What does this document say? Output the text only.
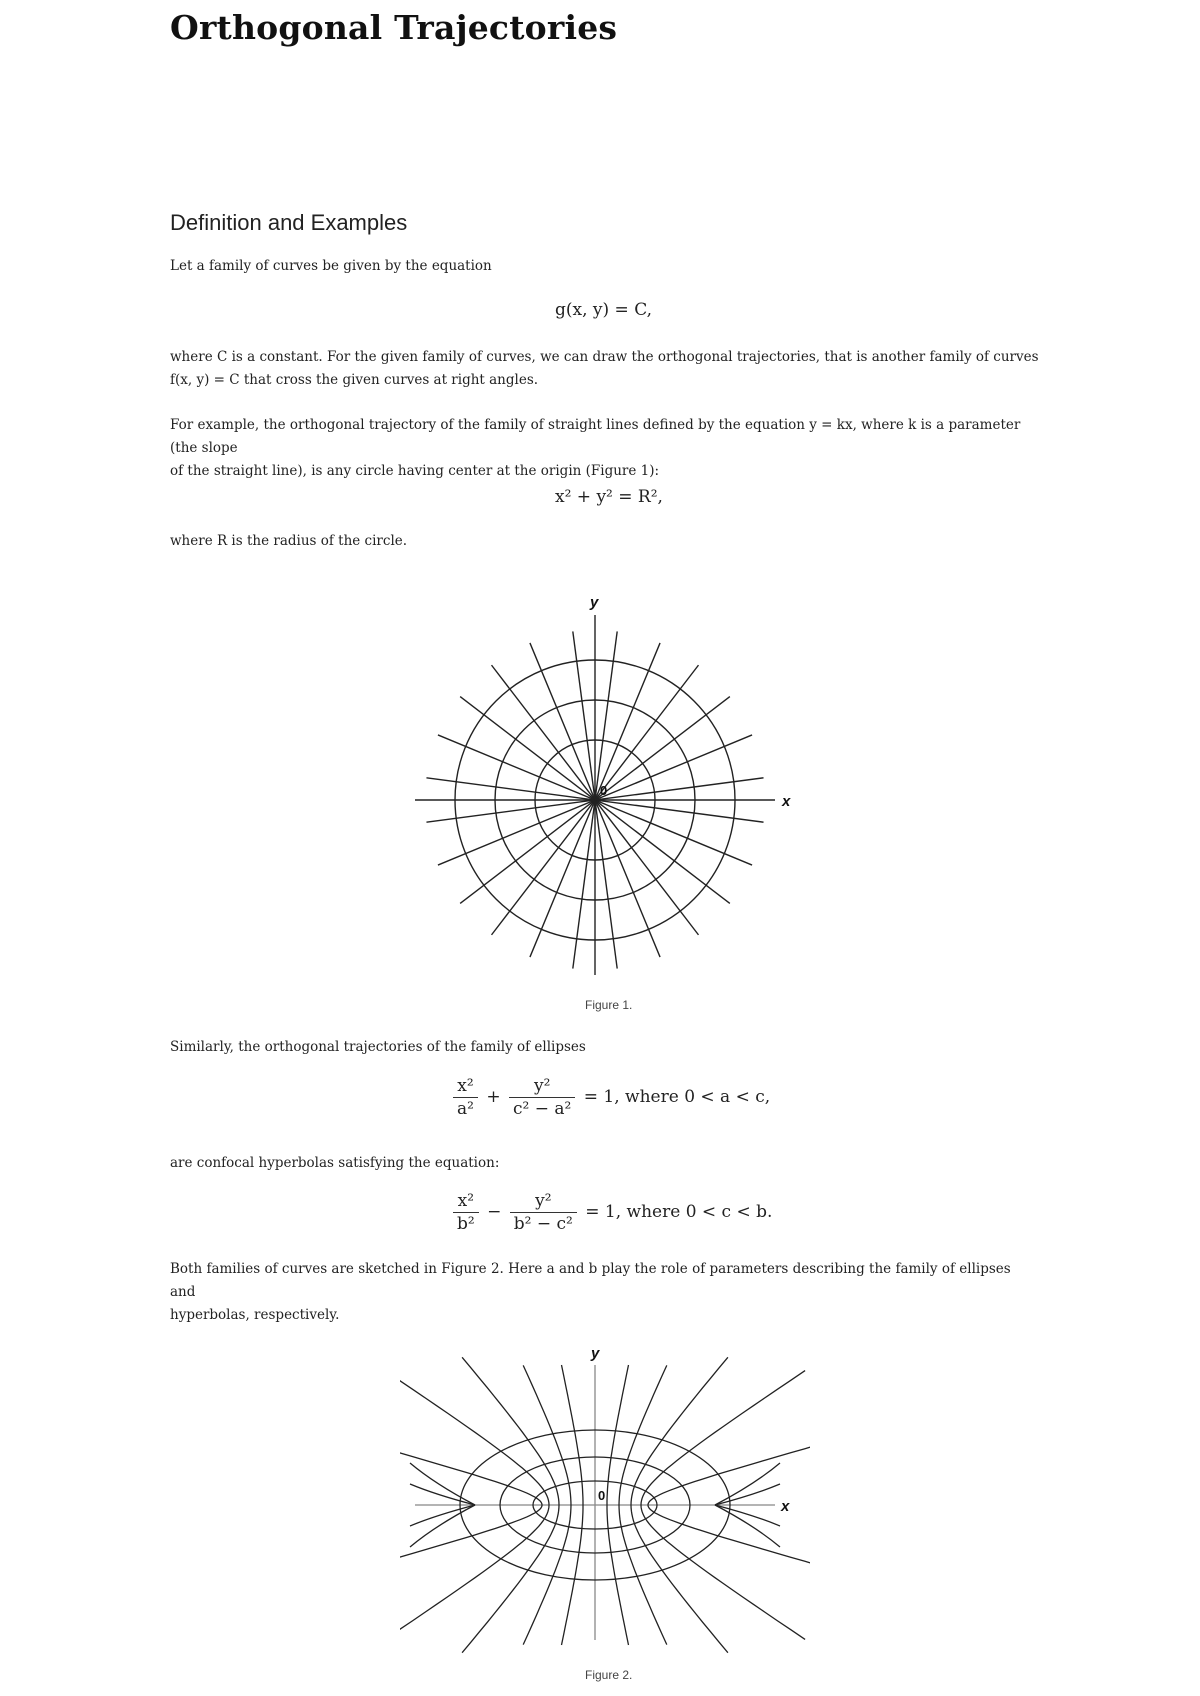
Orthogonal Trajectories
Definition and Examples
Let a family of curves be given by the equation
g(x, y) = C,
where C is a constant. For the given family of curves, we can draw the orthogonal trajectories, that is another family of curves
f(x, y) = C that cross the given curves at right angles.
For example, the orthogonal trajectory of the family of straight lines defined by the equation y = kx, where k is a parameter (the slope
of the straight line), is any circle having center at the origin (Figure 1):
x² + y² = R²,
where R is the radius of the circle.
y
x
0
Figure 1.
Similarly, the orthogonal trajectories of the family of ellipses
$\frac{\text{x²}}{\text{a²}} + \frac{\text{y²}}{\text{c² − a²}} = 1$, where 0 < a < c,
are confocal hyperbolas satisfying the equation:
$\frac{\text{x²}}{\text{b²}} - \frac{\text{y²}}{\text{b² − c²}} = 1$, where 0 < c < b.
Both families of curves are sketched in Figure 2. Here a and b play the role of parameters describing the family of ellipses and
hyperbolas, respectively.
y
x
0
Figure 2.
